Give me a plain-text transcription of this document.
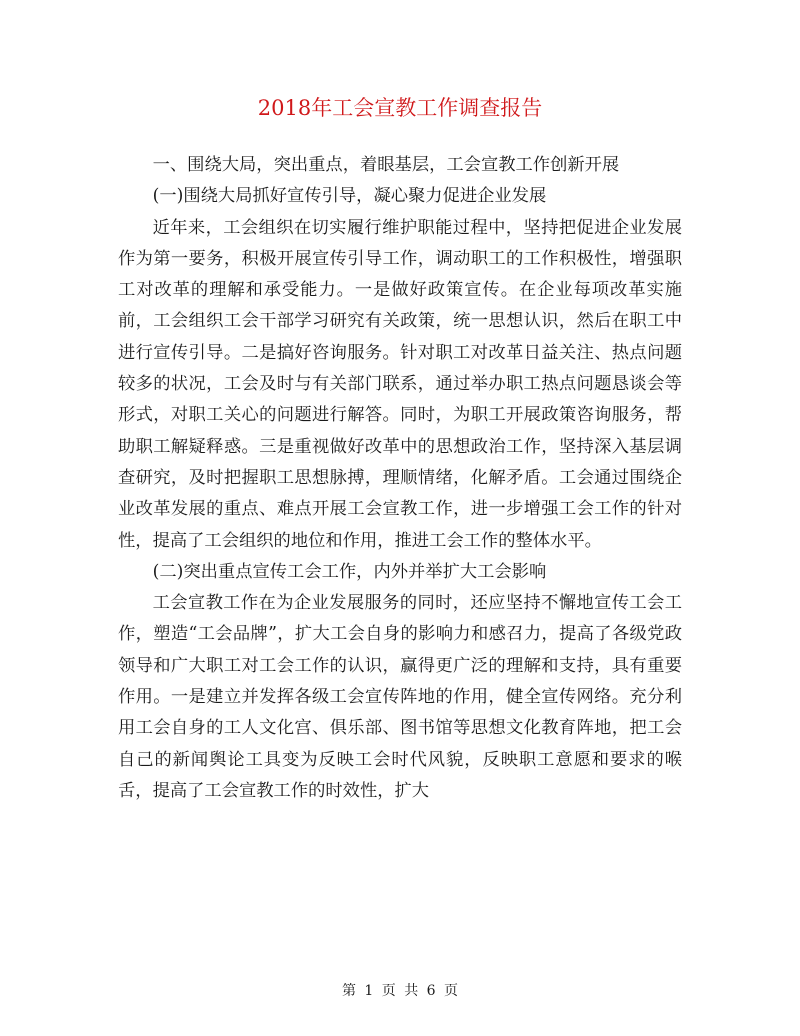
2018年工会宣教工作调查报告

一、围绕大局，突出重点，着眼基层，工会宣教工作创新开展

(一)围绕大局抓好宣传引导，凝心聚力促进企业发展

近年来，工会组织在切实履行维护职能过程中，坚持把促进企业发展作为第一要务，积极开展宣传引导工作，调动职工的工作积极性，增强职工对改革的理解和承受能力。一是做好政策宣传。在企业每项改革实施前，工会组织工会干部学习研究有关政策，统一思想认识，然后在职工中进行宣传引导。二是搞好咨询服务。针对职工对改革日益关注、热点问题较多的状况，工会及时与有关部门联系，通过举办职工热点问题恳谈会等形式，对职工关心的问题进行解答。同时，为职工开展政策咨询服务，帮助职工解疑释惑。三是重视做好改革中的思想政治工作，坚持深入基层调查研究，及时把握职工思想脉搏，理顺情绪，化解矛盾。工会通过围绕企业改革发展的重点、难点开展工会宣教工作，进一步增强工会工作的针对性，提高了工会组织的地位和作用，推进工会工作的整体水平。

(二)突出重点宣传工会工作，内外并举扩大工会影响

工会宣教工作在为企业发展服务的同时，还应坚持不懈地宣传工会工作，塑造“工会品牌”，扩大工会自身的影响力和感召力，提高了各级党政领导和广大职工对工会工作的认识，赢得更广泛的理解和支持，具有重要作用。一是建立并发挥各级工会宣传阵地的作用，健全宣传网络。充分利用工会自身的工人文化宫、俱乐部、图书馆等思想文化教育阵地，把工会自己的新闻舆论工具变为反映工会时代风貌，反映职工意愿和要求的喉舌，提高了工会宣教工作的时效性，扩大

第 1 页 共 6 页
